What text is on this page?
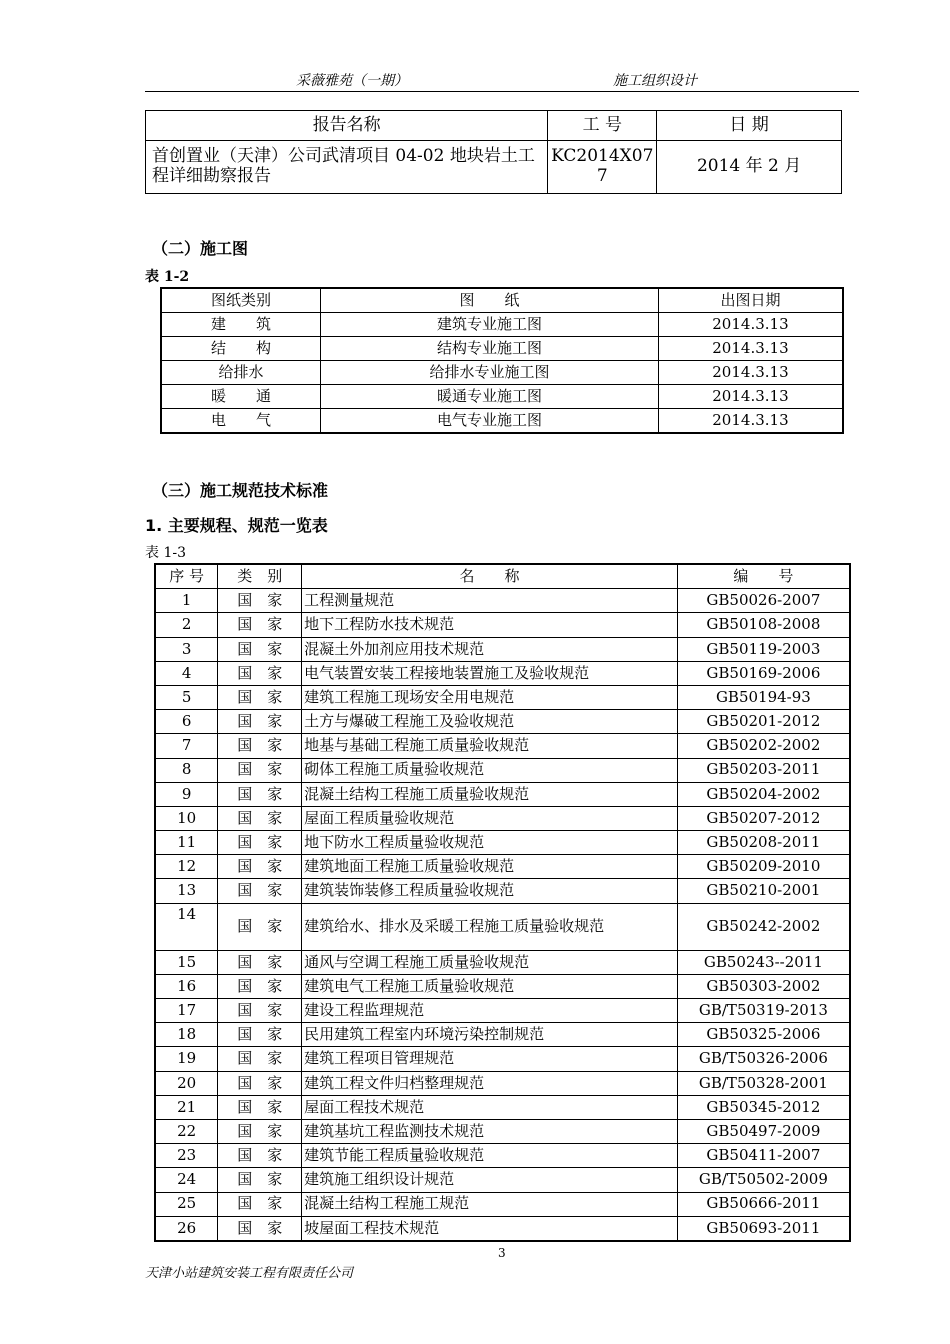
采薇雅苑（一期）	施工组织设计
报告名称	工 号	日 期
首创置业（天津）公司武清项目 04-02 地块岩土工程详细勘察报告	KC2014X077	2014 年 2 月
（二）施工图
表 1-2
图纸类别	图　　纸	出图日期
建　　筑	建筑专业施工图	2014.3.13
结　　构	结构专业施工图	2014.3.13
给排水	给排水专业施工图	2014.3.13
暖　　通	暖通专业施工图	2014.3.13
电　　气	电气专业施工图	2014.3.13
（三）施工规范技术标准
1. 主要规程、规范一览表
表 1-3
序 号	类　别	名　　称	编　　号
1	国　家	工程测量规范	GB50026-2007
2	国　家	地下工程防水技术规范	GB50108-2008
3	国　家	混凝土外加剂应用技术规范	GB50119-2003
4	国　家	电气装置安装工程接地装置施工及验收规范	GB50169-2006
5	国　家	建筑工程施工现场安全用电规范	GB50194-93
6	国　家	土方与爆破工程施工及验收规范	GB50201-2012
7	国　家	地基与基础工程施工质量验收规范	GB50202-2002
8	国　家	砌体工程施工质量验收规范	GB50203-2011
9	国　家	混凝土结构工程施工质量验收规范	GB50204-2002
10	国　家	屋面工程质量验收规范	GB50207-2012
11	国　家	地下防水工程质量验收规范	GB50208-2011
12	国　家	建筑地面工程施工质量验收规范	GB50209-2010
13	国　家	建筑装饰装修工程质量验收规范	GB50210-2001
14	国　家	建筑给水、排水及采暖工程施工质量验收规范	GB50242-2002
15	国　家	通风与空调工程施工质量验收规范	GB50243--2011
16	国　家	建筑电气工程施工质量验收规范	GB50303-2002
17	国　家	建设工程监理规范	GB/T50319-2013
18	国　家	民用建筑工程室内环境污染控制规范	GB50325-2006
19	国　家	建筑工程项目管理规范	GB/T50326-2006
20	国　家	建筑工程文件归档整理规范	GB/T50328-2001
21	国　家	屋面工程技术规范	GB50345-2012
22	国　家	建筑基坑工程监测技术规范	GB50497-2009
23	国　家	建筑节能工程质量验收规范	GB50411-2007
24	国　家	建筑施工组织设计规范	GB/T50502-2009
25	国　家	混凝土结构工程施工规范	GB50666-2011
26	国　家	坡屋面工程技术规范	GB50693-2011
3
天津小站建筑安装工程有限责任公司
